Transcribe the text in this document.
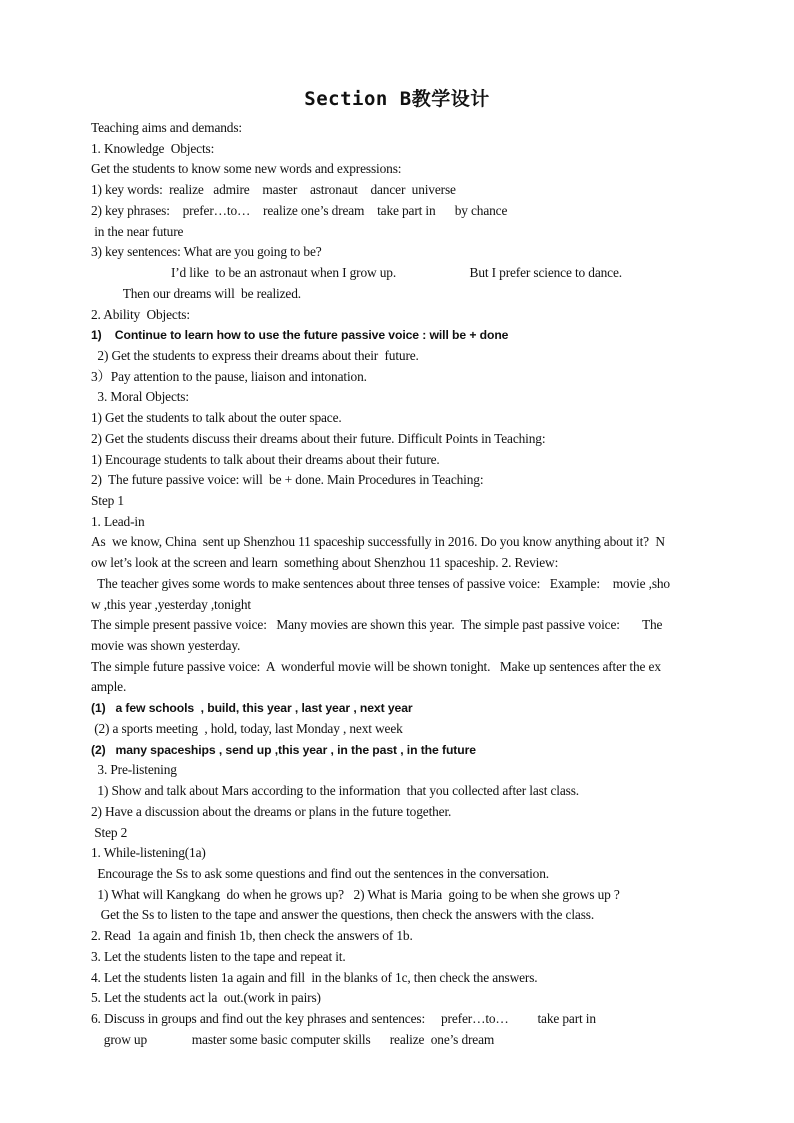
Section B教学设计
Teaching aims and demands:
1. Knowledge  Objects:
Get the students to know some new words and expressions:
1) key words:  realize   admire    master    astronaut    dancer  universe
2) key phrases:    prefer…to…    realize one’s dream    take part in      by chance
in the near future
3) key sentences: What are you going to be?
I’d like  to be an astronaut when I grow up.                       But I prefer science to dance.
Then our dreams will  be realized.
2. Ability  Objects:
1)    Continue to learn how to use the future passive voice : will be + done
2) Get the students to express their dreams about their  future.
3）Pay attention to the pause, liaison and intonation.
3. Moral Objects:
1) Get the students to talk about the outer space.
2) Get the students discuss their dreams about their future. Difficult Points in Teaching:
1) Encourage students to talk about their dreams about their future.
2)  The future passive voice: will  be + done. Main Procedures in Teaching:
Step 1
1. Lead-in
As  we know, China  sent up Shenzhou 11 spaceship successfully in 2016. Do you know anything about it?  N
ow let’s look at the screen and learn  something about Shenzhou 11 spaceship. 2. Review:
The teacher gives some words to make sentences about three tenses of passive voice:   Example:    movie ,sho
w ,this year ,yesterday ,tonight
The simple present passive voice:   Many movies are shown this year.  The simple past passive voice:       The
movie was shown yesterday.
The simple future passive voice:  A  wonderful movie will be shown tonight.   Make up sentences after the ex
ample.
(1)   a few schools  , build, this year , last year , next year
(2) a sports meeting  , hold, today, last Monday , next week
(2)   many spaceships , send up ,this year , in the past , in the future
3. Pre-listening
1) Show and talk about Mars according to the information  that you collected after last class.
2) Have a discussion about the dreams or plans in the future together.
Step 2
1. While-listening(1a)
Encourage the Ss to ask some questions and find out the sentences in the conversation.
1) What will Kangkang  do when he grows up?   2) What is Maria  going to be when she grows up ?
Get the Ss to listen to the tape and answer the questions, then check the answers with the class.
2. Read  1a again and finish 1b, then check the answers of 1b.
3. Let the students listen to the tape and repeat it.
4. Let the students listen 1a again and fill  in the blanks of 1c, then check the answers.
5. Let the students act la  out.(work in pairs)
6. Discuss in groups and find out the key phrases and sentences:     prefer…to…         take part in
grow up              master some basic computer skills      realize  one’s dream
